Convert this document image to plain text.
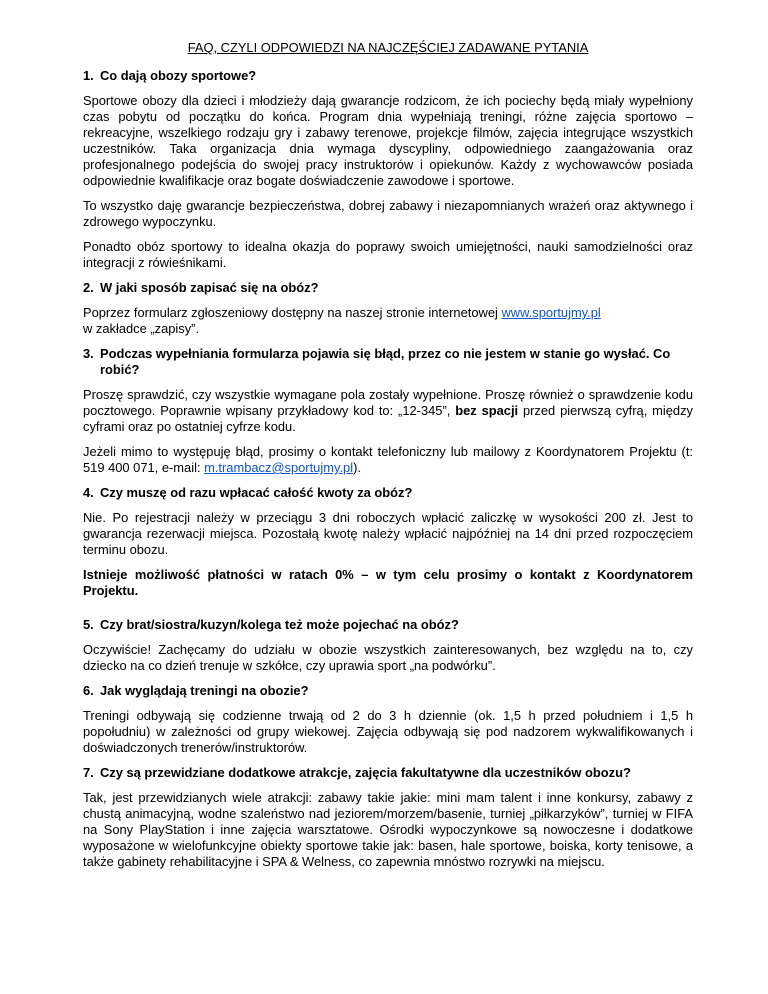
FAQ, CZYLI ODPOWIEDZI NA NAJCZĘŚCIEJ ZADAWANE PYTANIA
1. Co dają obozy sportowe?

Sportowe obozy dla dzieci i młodzieży dają gwarancje rodzicom, że ich pociechy będą miały wypełniony czas pobytu od początku do końca. Program dnia wypełniają treningi, różne zajęcia sportowo – rekreacyjne, wszelkiego rodzaju gry i zabawy terenowe, projekcje filmów, zajęcia integrujące wszystkich uczestników. Taka organizacja dnia wymaga dyscypliny, odpowiedniego zaangażowania oraz profesjonalnego podejścia do swojej pracy instruktorów i opiekunów. Każdy z wychowawców posiada odpowiednie kwalifikacje oraz bogate doświadczenie zawodowe i sportowe.

To wszystko daję gwarancje bezpieczeństwa, dobrej zabawy i niezapomnianych wrażeń oraz aktywnego i zdrowego wypoczynku.

Ponadto obóz sportowy to idealna okazja do poprawy swoich umiejętności, nauki samodzielności oraz integracji z rówieśnikami.

2. W jaki sposób zapisać się na obóz?

Poprzez formularz zgłoszeniowy dostępny na naszej stronie internetowej www.sportujmy.pl
w zakładce „zapisy”.

3. Podczas wypełniania formularza pojawia się błąd, przez co nie jestem w stanie go wysłać. Co robić?

Proszę sprawdzić, czy wszystkie wymagane pola zostały wypełnione. Proszę również o sprawdzenie kodu pocztowego. Poprawnie wpisany przykładowy kod to: „12-345”, bez spacji przed pierwszą cyfrą, między cyframi oraz po ostatniej cyfrze kodu.

Jeżeli mimo to występuję błąd, prosimy o kontakt telefoniczny lub mailowy z Koordynatorem Projektu (t: 519 400 071, e-mail: m.trambacz@sportujmy.pl).

4. Czy muszę od razu wpłacać całość kwoty za obóz?

Nie. Po rejestracji należy w przeciągu 3 dni roboczych wpłacić zaliczkę w wysokości 200 zł. Jest to gwarancja rezerwacji miejsca. Pozostałą kwotę należy wpłacić najpóźniej na 14 dni przed rozpoczęciem terminu obozu.

Istnieje możliwość płatności w ratach 0% – w tym celu prosimy o kontakt z Koordynatorem Projektu.

5. Czy brat/siostra/kuzyn/kolega też może pojechać na obóz?

Oczywiście! Zachęcamy do udziału w obozie wszystkich zainteresowanych, bez względu na to, czy dziecko na co dzień trenuje w szkółce, czy uprawia sport „na podwórku”.

6. Jak wyglądają treningi na obozie?

Treningi odbywają się codzienne trwają od 2 do 3 h dziennie (ok. 1,5 h przed południem i 1,5 h popołudniu) w zależności od grupy wiekowej. Zajęcia odbywają się pod nadzorem wykwalifikowanych i doświadczonych trenerów/instruktorów.

7. Czy są przewidziane dodatkowe atrakcje, zajęcia fakultatywne dla uczestników obozu?

Tak, jest przewidzianych wiele atrakcji: zabawy takie jakie: mini mam talent i inne konkursy, zabawy z chustą animacyjną, wodne szaleństwo nad jeziorem/morzem/basenie, turniej „piłkarzyków”, turniej w FIFA na Sony PlayStation i inne zajęcia warsztatowe. Ośrodki wypoczynkowe są nowoczesne i dodatkowe wyposażone w wielofunkcyjne obiekty sportowe takie jak: basen, hale sportowe, boiska, korty tenisowe, a także gabinety rehabilitacyjne i SPA & Welness, co zapewnia mnóstwo rozrywki na miejscu.
